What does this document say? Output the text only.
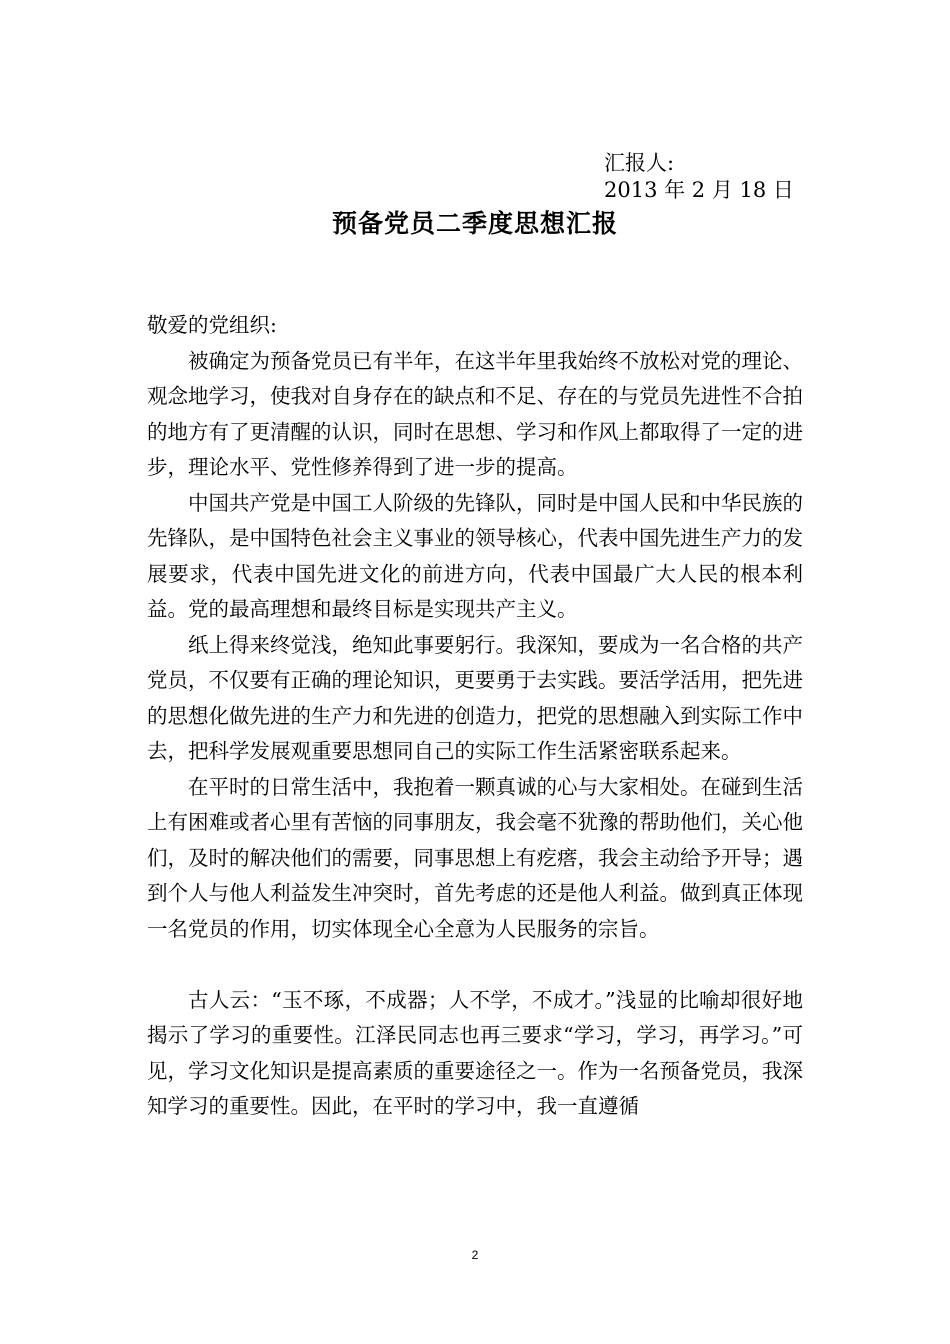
汇报人:
2013 年 2 月 18 日
预备党员二季度思想汇报

敬爱的党组织:

被确定为预备党员已有半年，在这半年里我始终不放松对党的理论、观念地学习，使我对自身存在的缺点和不足、存在的与党员先进性不合拍的地方有了更清醒的认识，同时在思想、学习和作风上都取得了一定的进步，理论水平、党性修养得到了进一步的提高。

中国共产党是中国工人阶级的先锋队，同时是中国人民和中华民族的先锋队，是中国特色社会主义事业的领导核心，代表中国先进生产力的发展要求，代表中国先进文化的前进方向，代表中国最广大人民的根本利益。党的最高理想和最终目标是实现共产主义。

纸上得来终觉浅，绝知此事要躬行。我深知，要成为一名合格的共产党员，不仅要有正确的理论知识，更要勇于去实践。要活学活用，把先进的思想化做先进的生产力和先进的创造力，把党的思想融入到实际工作中去，把科学发展观重要思想同自己的实际工作生活紧密联系起来。

在平时的日常生活中，我抱着一颗真诚的心与大家相处。在碰到生活上有困难或者心里有苦恼的同事朋友，我会毫不犹豫的帮助他们，关心他们，及时的解决他们的需要，同事思想上有疙瘩，我会主动给予开导；遇到个人与他人利益发生冲突时，首先考虑的还是他人利益。做到真正体现一名党员的作用，切实体现全心全意为人民服务的宗旨。

古人云：“玉不琢，不成器；人不学，不成才。”浅显的比喻却很好地揭示了学习的重要性。江泽民同志也再三要求“学习，学习，再学习。”可见，学习文化知识是提高素质的重要途径之一。作为一名预备党员，我深知学习的重要性。因此，在平时的学习中，我一直遵循

2
